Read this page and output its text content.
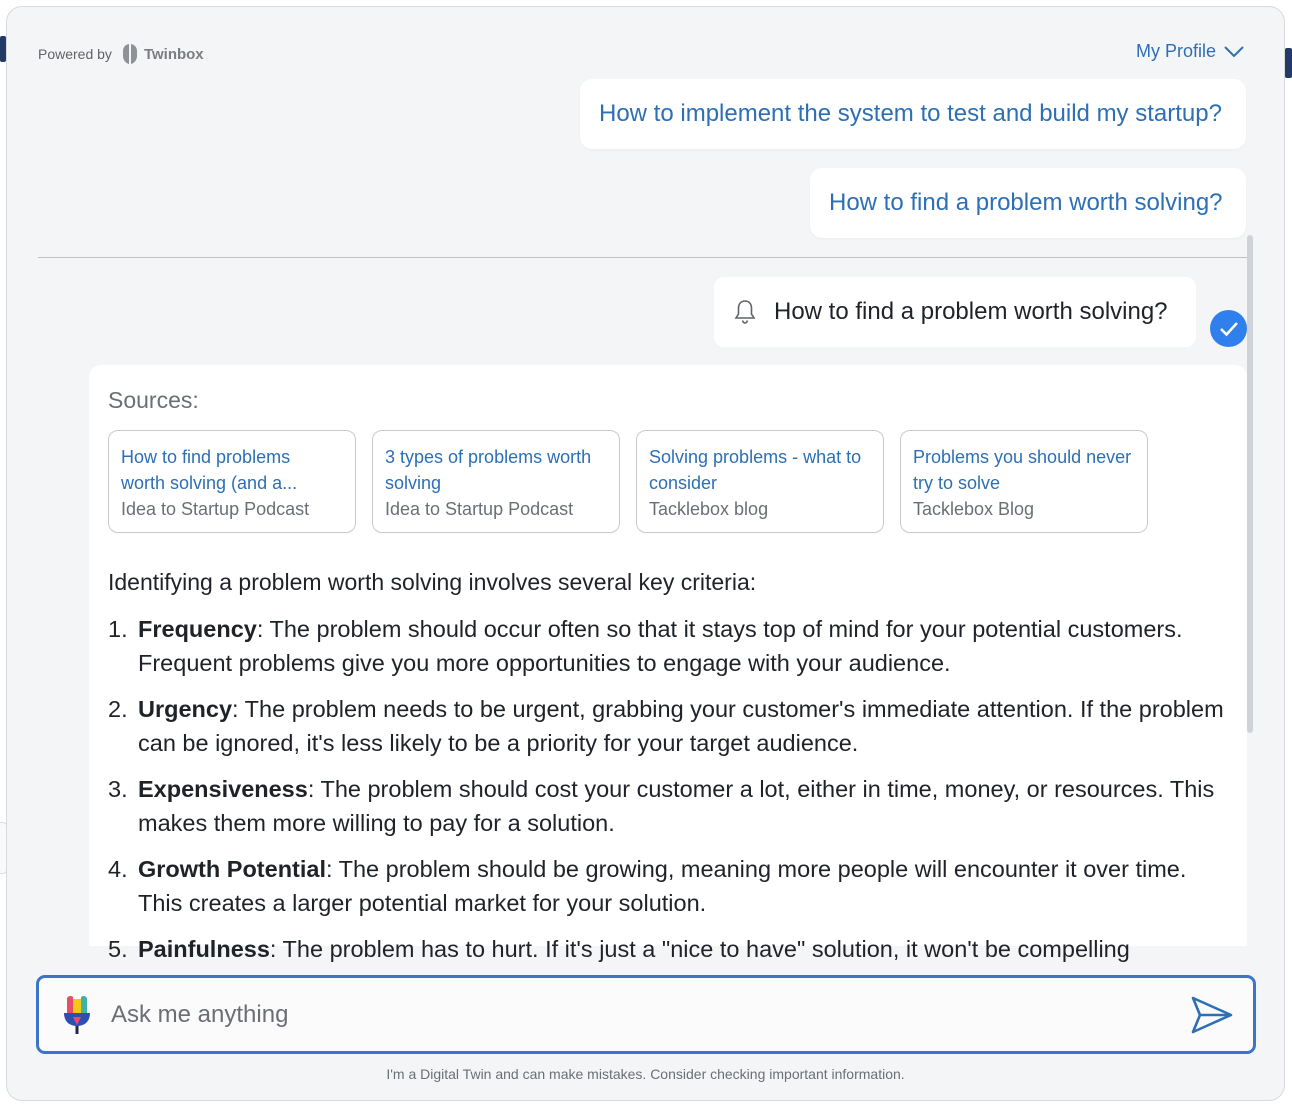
Powered by Twinbox	My Profile
How to implement the system to test and build my startup?
How to find a problem worth solving?
How to find a problem worth solving?
Sources:
How to find problems
worth solving (and a...
Idea to Startup Podcast
3 types of problems worth
solving
Idea to Startup Podcast
Solving problems - what to
consider
Tacklebox blog
Problems you should never
try to solve
Tacklebox Blog
Identifying a problem worth solving involves several key criteria:
1. Frequency: The problem should occur often so that it stays top of mind for your potential customers. Frequent problems give you more opportunities to engage with your audience.
2. Urgency: The problem needs to be urgent, grabbing your customer's immediate attention. If the problem can be ignored, it's less likely to be a priority for your target audience.
3. Expensiveness: The problem should cost your customer a lot, either in time, money, or resources. This makes them more willing to pay for a solution.
4. Growth Potential: The problem should be growing, meaning more people will encounter it over time. This creates a larger potential market for your solution.
5. Painfulness: The problem has to hurt. If it's just a "nice to have" solution, it won't be compelling
Ask me anything
I'm a Digital Twin and can make mistakes. Consider checking important information.
